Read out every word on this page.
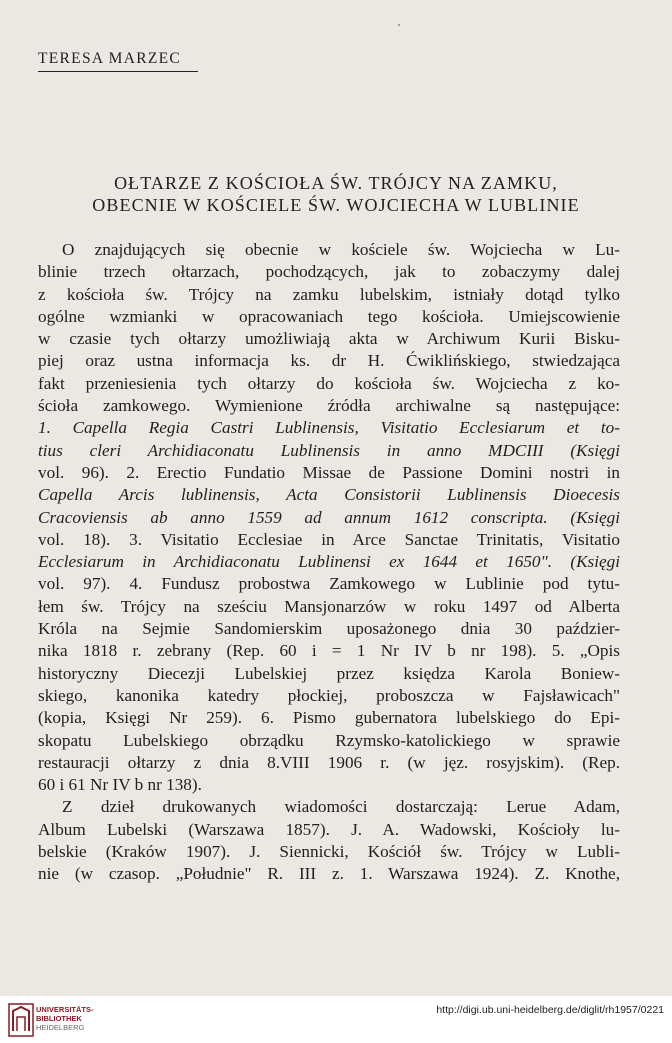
TERESA MARZEC
OŁTARZE Z KOŚCIOŁA ŚW. TRÓJCY NA ZAMKU,
OBECNIE W KOŚCIELE ŚW. WOJCIECHA W LUBLINIE
O znajdujących się obecnie w kościele św. Wojciecha w Lu-
blinie trzech ołtarzach, pochodzących, jak to zobaczymy dalej
z kościoła św. Trójcy na zamku lubelskim, istniały dotąd tylko
ogólne wzmianki w opracowaniach tego kościoła. Umiejscowienie
w czasie tych ołtarzy umożliwiają akta w Archiwum Kurii Bisku-
piej oraz ustna informacja ks. dr H. Ćwiklińskiego, stwiedzająca
fakt przeniesienia tych ołtarzy do kościoła św. Wojciecha z ko-
ścioła zamkowego. Wymienione źródła archiwalne są następujące:
1. Capella Regia Castri Lublinensis, Visitatio Ecclesiarum et to-
tius cleri Archidiaconatu Lublinensis in anno MDCIII (Księgi
vol. 96). 2. Erectio Fundatio Missae de Passione Domini nostri in
Capella Arcis lublinensis, Acta Consistorii Lublinensis Dioecesis
Cracoviensis ab anno 1559 ad annum 1612 conscripta. (Księgi
vol. 18). 3. Visitatio Ecclesiae in Arce Sanctae Trinitatis, Visitatio
Ecclesiarum in Archidiaconatu Lublinensi ex 1644 et 1650". (Księgi
vol. 97). 4. Fundusz probostwa Zamkowego w Lublinie pod tytu-
łem św. Trójcy na sześciu Mansjonarzów w roku 1497 od Alberta
Króla na Sejmie Sandomierskim uposażonego dnia 30 paździer-
nika 1818 r. zebrany (Rep. 60 i = 1 Nr IV b nr 198). 5. „Opis
historyczny Diecezji Lubelskiej przez księdza Karola Boniew-
skiego, kanonika katedry płockiej, proboszcza w Fajsławicach"
(kopia, Księgi Nr 259). 6. Pismo gubernatora lubelskiego do Epi-
skopatu Lubelskiego obrządku Rzymsko-katolickiego w sprawie
restauracji ołtarzy z dnia 8.VIII 1906 r. (w jęz. rosyjskim). (Rep.
60 i 61 Nr IV b nr 138).
Z dzieł drukowanych wiadomości dostarczają: Lerue Adam,
Album Lubelski (Warszawa 1857). J. A. Wadowski, Kościoły lu-
belskie (Kraków 1907). J. Siennicki, Kościół św. Trójcy w Lubli-
nie (w czasop. „Południe" R. III z. 1. Warszawa 1924). Z. Knothe,
UNIVERSITÄTS-
BIBLIOTHEK
HEIDELBERG
http://digi.ub.uni-heidelberg.de/diglit/rh1957/0221
